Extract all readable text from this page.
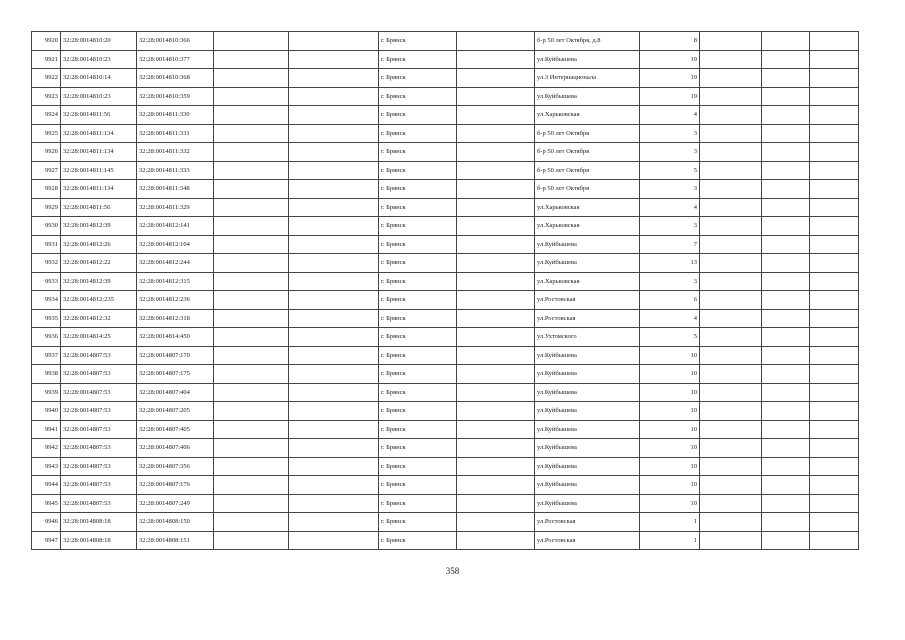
9920	32:28:0014810:20	32:28:0014810:366			г. Брянск		б-р 50 лет Октября, д.8	8			
9921	32:28:0014810:23	32:28:0014810:377			г. Брянск		ул.Куйбышева	19			
9922	32:28:0014810:14	32:28:0014810:368			г. Брянск		ул.3 Интернационала	19			
9923	32:28:0014810:23	32:28:0014810:359			г. Брянск		ул.Куйбышева	19			
9924	32:28:0014811:56	32:28:0014811:330			г. Брянск		ул.Харьковская	4			
9925	32:28:0014811:134	32:28:0014811:331			г. Брянск		б-р 50 лет Октября	3			
9926	32:28:0014811:134	32:28:0014811:332			г. Брянск		б-р 50 лет Октября	3			
9927	32:28:0014811:145	32:28:0014811:333			г. Брянск		б-р 50 лет Октября	5			
9928	32:28:0014811:134	32:28:0014811:348			г. Брянск		б-р 50 лет Октября	3			
9929	32:28:0014811:56	32:28:0014811:329			г. Брянск		ул.Харьковская	4			
9930	32:28:0014812:39	32:28:0014812:141			г. Брянск		ул.Харьковская	3			
9931	32:28:0014812:26	32:28:0014812:104			г. Брянск		ул.Куйбышева	7			
9932	32:28:0014812:22	32:28:0014812:244			г. Брянск		ул.Куйбышева	13			
9933	32:28:0014812:39	32:28:0014812:315			г. Брянск		ул.Харьковская	3			
9934	32:28:0014812:235	32:28:0014812:236			г. Брянск		ул.Ростовская	6			
9935	32:28:0014812:32	32:28:0014812:318			г. Брянск		ул.Ростовская	4			
9936	32:28:0014814:25	32:28:0014814:450			г. Брянск		ул.Ухтомского	5			
9937	32:28:0014807:53	32:28:0014807:170			г. Брянск		ул.Куйбышева	10			
9938	32:28:0014807:53	32:28:0014807:175			г. Брянск		ул.Куйбышева	10			
9939	32:28:0014807:53	32:28:0014807:404			г. Брянск		ул.Куйбышева	10			
9940	32:28:0014807:53	32:28:0014807:205			г. Брянск		ул.Куйбышева	10			
9941	32:28:0014807:53	32:28:0014807:405			г. Брянск		ул.Куйбышева	10			
9942	32:28:0014807:53	32:28:0014807:406			г. Брянск		ул.Куйбышева	10			
9943	32:28:0014807:53	32:28:0014807:356			г. Брянск		ул.Куйбышева	10			
9944	32:28:0014807:53	32:28:0014807:176			г. Брянск		ул.Куйбышева	10			
9945	32:28:0014807:53	32:28:0014807:249			г. Брянск		ул.Куйбышева	10			
9946	32:28:0014808:18	32:28:0014808:150			г. Брянск		ул.Ростовская	1			
9947	32:28:0014808:18	32:28:0014808:151			г. Брянск		ул.Ростовская	1			
358
